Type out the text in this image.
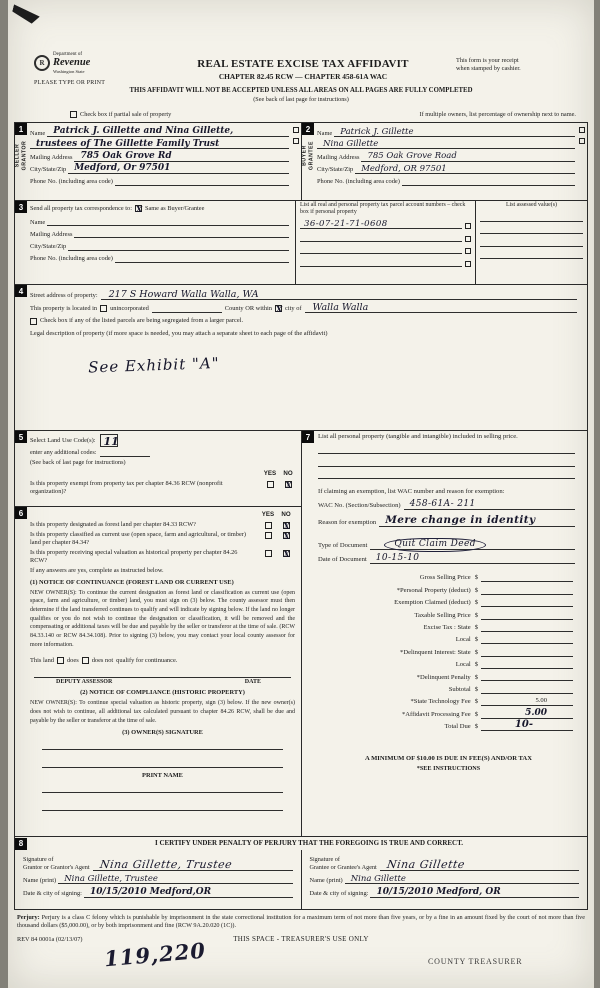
R
Department of
Revenue
Washington State
PLEASE TYPE OR PRINT
REAL ESTATE EXCISE TAX AFFIDAVIT
CHAPTER 82.45 RCW — CHAPTER 458-61A WAC
This form is your receipt
when stamped by cashier.
THIS AFFIDAVIT WILL NOT BE ACCEPTED UNLESS ALL AREAS ON ALL PAGES ARE FULLY COMPLETED
(See back of last page for instructions)
Check box if partial sale of property	If multiple owners, list percentage of ownership next to name.
1
SELLER GRANTOR
Name Patrick J. Gillette and Nina Gillette,
trustees of The Gillette Family Trust
Mailing Address 785 Oak Grove Rd
City/State/Zip Medford, Or 97501
Phone No. (including area code)
2
BUYER GRANTEE
Name Patrick J. Gillette
Nina Gillette
Mailing Address 785 Oak Grove Road
City/State/Zip Medford, OR 97501
Phone No. (including area code)
3	Send all property tax correspondence to: X Same as Buyer/Grantee
Name
Mailing Address
City/State/Zip
Phone No. (including area code)
List all real and personal property tax parcel account numbers – check box if personal property
36-07-21-71-0608
List assessed value(s)
4
Street address of property: 217 S Howard Walla Walla, WA
This property is located in unincorporated	County OR within X city of Walla Walla
Check box if any of the listed parcels are being segregated from a larger parcel.
Legal description of property (if more space is needed, you may attach a separate sheet to each page of the affidavit)
See Exhibit "A"
5	Select Land Use Code(s): 11
enter any additional codes:
(See back of last page for instructions)
YES	NO
Is this property exempt from property tax per chapter 84.36 RCW (nonprofit organization)?
X
6	YES	NO
Is this property designated as forest land per chapter 84.33 RCW?	X
Is this property classified as current use (open space, farm and agricultural, or timber) land per chapter 84.34?
X
Is this property receiving special valuation as historical property per chapter 84.26 RCW?
X
If any answers are yes, complete as instructed below.
(1) NOTICE OF CONTINUANCE (FOREST LAND OR CURRENT USE)
NEW OWNER(S): To continue the current designation as forest land or classification as current use (open space, farm and agriculture, or timber) land, you must sign on (3) below. The county assessor must then determine if the land transferred continues to qualify and will indicate by signing below. If the land no longer qualifies or you do not wish to continue the designation or classification, it will be removed and the compensating or additional taxes will be due and payable by the seller or transferor at the time of sale. (RCW 84.33.140 or RCW 84.34.108). Prior to signing (3) below, you may contact your local county assessor for more information.
This land does does not qualify for continuance.
DEPUTY ASSESSOR	DATE
(2) NOTICE OF COMPLIANCE (HISTORIC PROPERTY)
NEW OWNER(S): To continue special valuation as historic property, sign (3) below. If the new owner(s) does not wish to continue, all additional tax calculated pursuant to chapter 84.26 RCW, shall be due and payable by the seller or transferor at the time of sale.
(3) OWNER(S) SIGNATURE
PRINT NAME
7	List all personal property (tangible and intangible) included in selling price.
If claiming an exemption, list WAC number and reason for exemption:
WAC No. (Section/Subsection)	458-61A- 211
Reason for exemption Mere change in identity
Type of Document	Quit Claim Deed
Date of Document	10-15-10
Gross Selling Price $
*Personal Property (deduct) $
Exemption Claimed (deduct) $
Taxable Selling Price $
Excise Tax : State $
Local $
*Delinquent Interest: State $
Local $
*Delinquent Penalty $
Subtotal $
*State Technology Fee $	5.00
*Affidavit Processing Fee $	5.00
Total Due $	10-
A MINIMUM OF $10.00 IS DUE IN FEE(S) AND/OR TAX
*SEE INSTRUCTIONS
8	I CERTIFY UNDER PENALTY OF PERJURY THAT THE FOREGOING IS TRUE AND CORRECT.
Signature of
Grantor or Grantor's Agent Nina Gillette, Trustee
Name (print) Nina Gillette, Trustee
Date & city of signing: 10/15/2010 Medford,OR
Signature of
Grantee or Grantee's Agent Nina Gillette
Name (print) Nina Gillette
Date & city of signing: 10/15/2010 Medford, OR
Perjury: Perjury is a class C felony which is punishable by imprisonment in the state correctional institution for a maximum term of not more than five years, or by a fine in an amount fixed by the court of not more than five thousand dollars ($5,000.00), or by both imprisonment and fine (RCW 9A.20.020 (1C)).
REV 84 0001a (02/13/07)	THIS SPACE - TREASURER'S USE ONLY
119,220	COUNTY TREASURER
